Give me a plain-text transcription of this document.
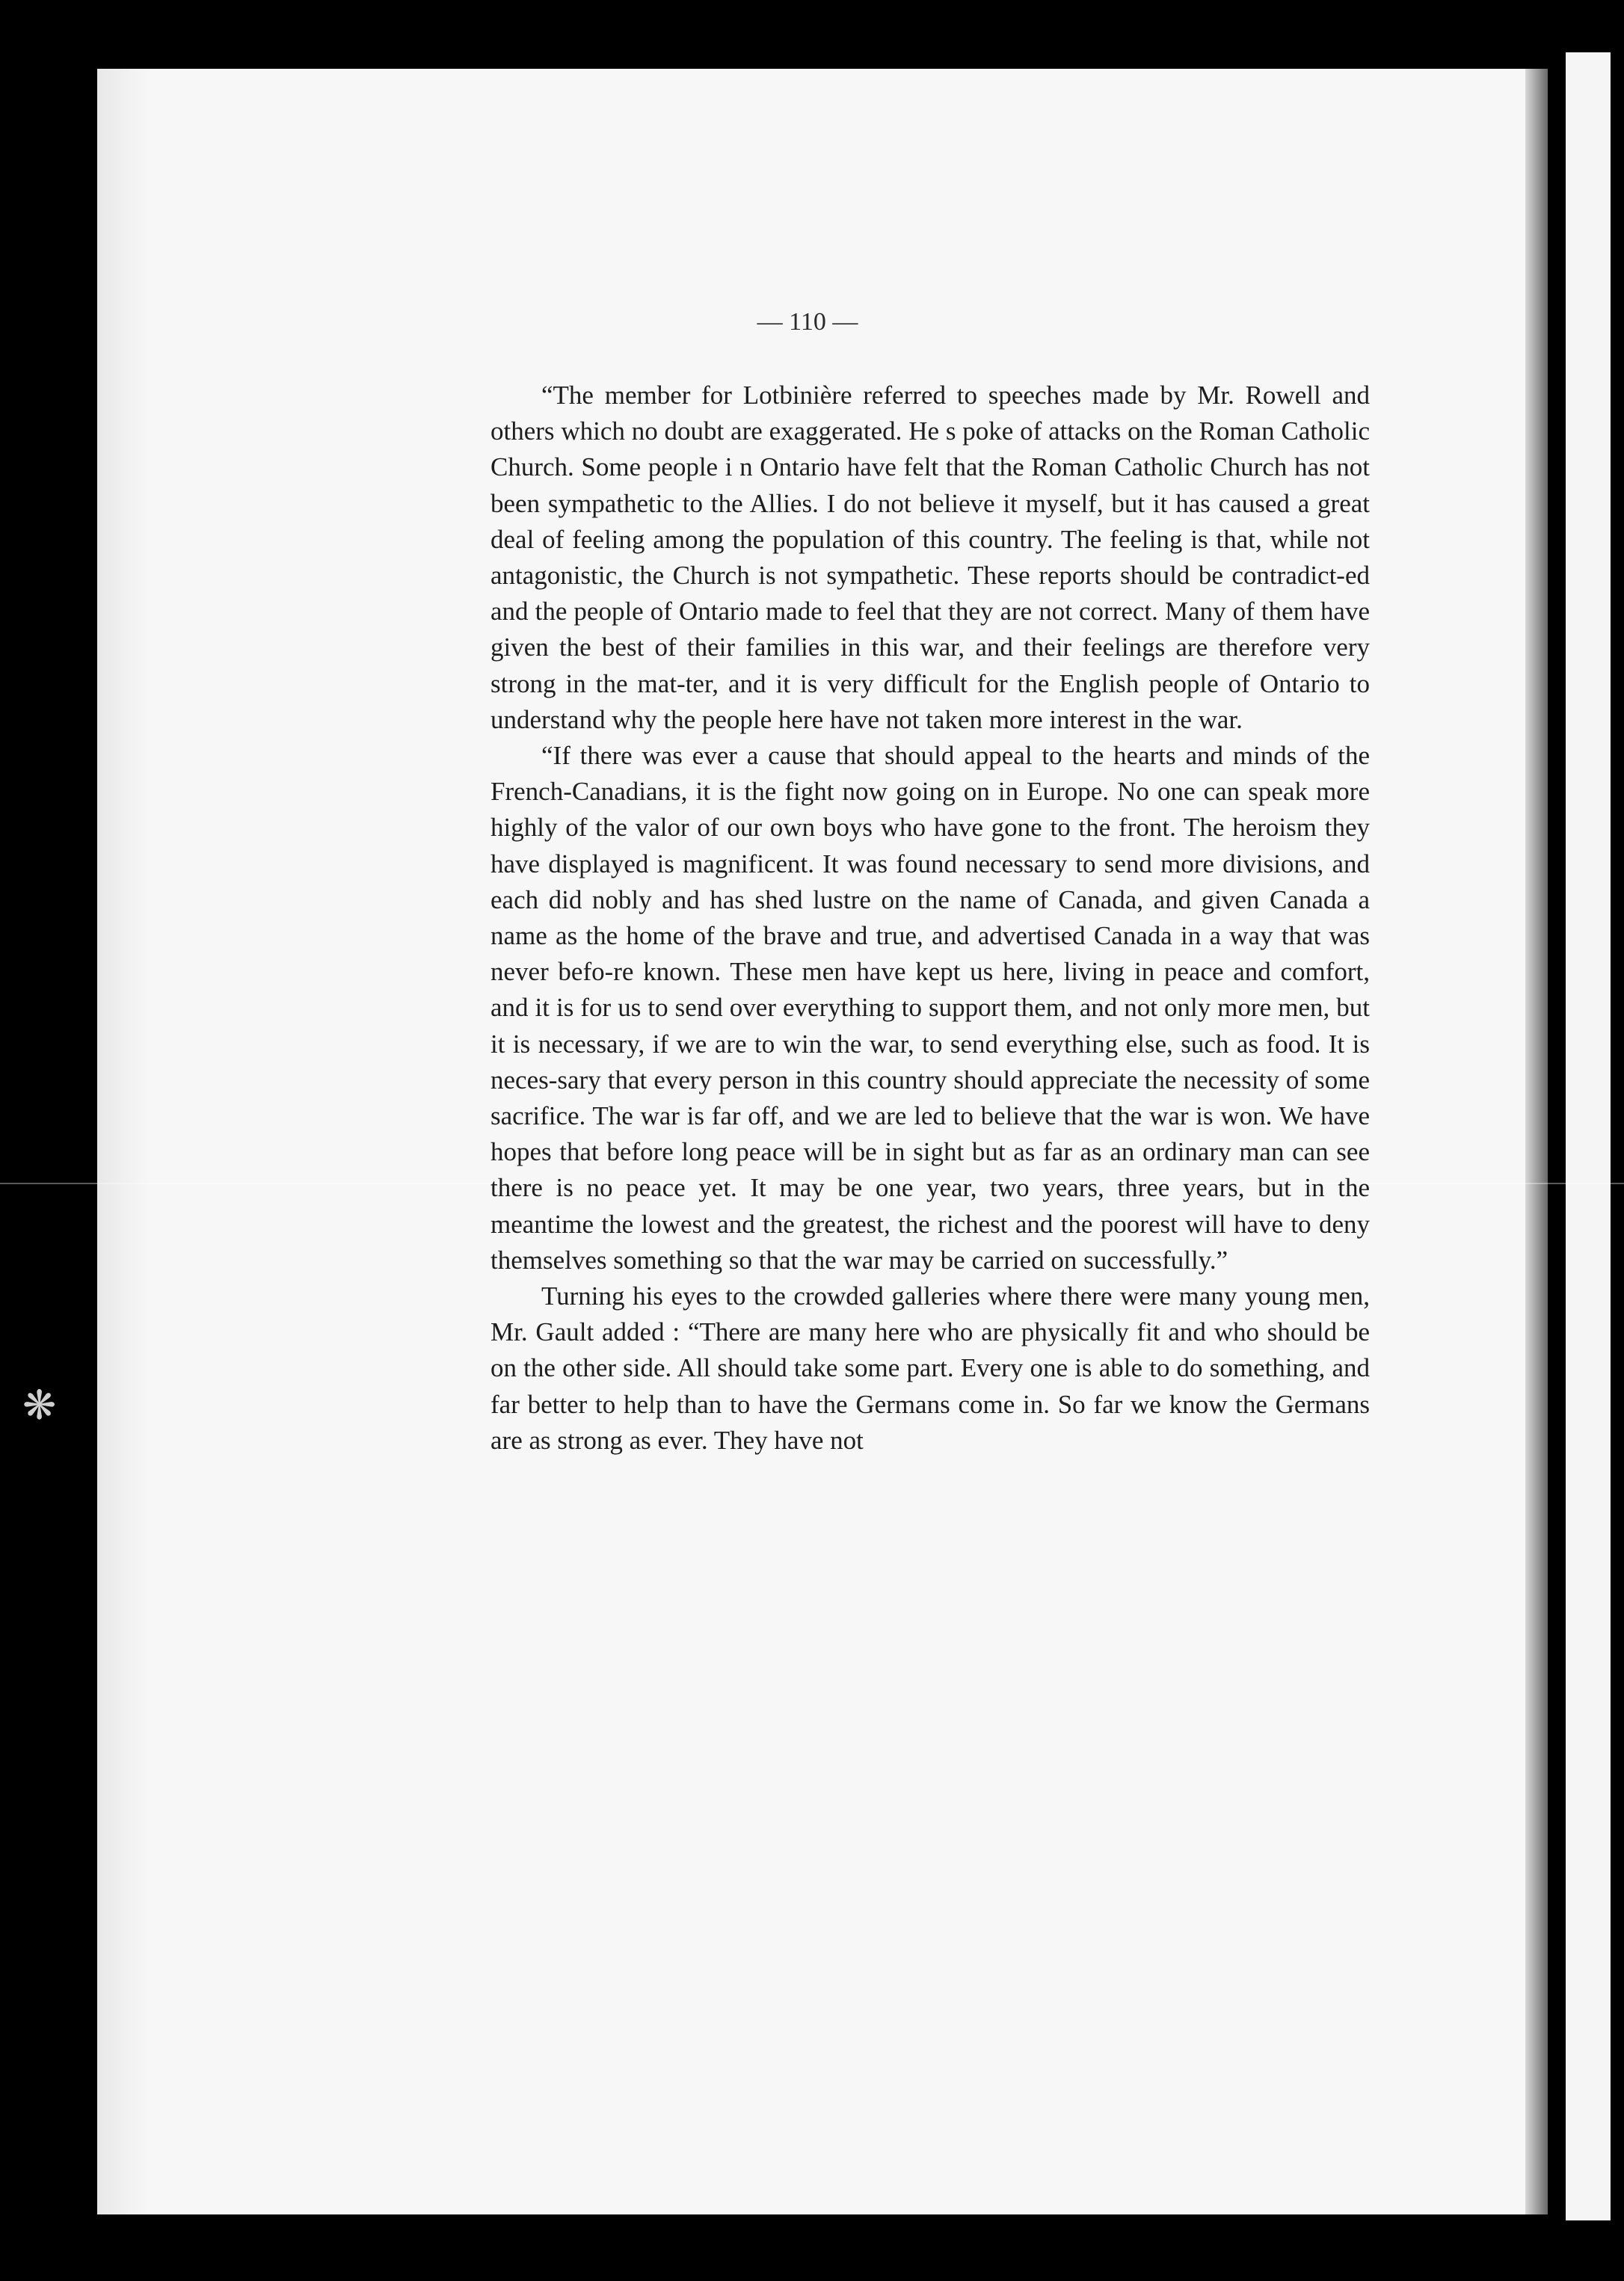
❋
— 110 —

“The member for Lotbinière referred to speeches made by Mr. Rowell and others which no doubt are exaggerated. He s poke of attacks on the Roman Catholic Church. Some people i n Ontario have felt that the Roman Catholic Church has not been sympathetic to the Allies. I do not believe it myself, but it has caused a great deal of feeling among the population of this country. The feeling is that, while not antagonistic, the Church is not sympathetic. These reports should be contradict-ed and the people of Ontario made to feel that they are not correct. Many of them have given the best of their families in this war, and their feelings are therefore very strong in the mat-ter, and it is very difficult for the English people of Ontario to understand why the people here have not taken more interest in the war.

“If there was ever a cause that should appeal to the hearts and minds of the French-Canadians, it is the fight now going on in Europe. No one can speak more highly of the valor of our own boys who have gone to the front. The heroism they have displayed is magnificent. It was found necessary to send more divisions, and each did nobly and has shed lustre on the name of Canada, and given Canada a name as the home of the brave and true, and advertised Canada in a way that was never befo-re known. These men have kept us here, living in peace and comfort, and it is for us to send over everything to support them, and not only more men, but it is necessary, if we are to win the war, to send everything else, such as food. It is neces-sary that every person in this country should appreciate the necessity of some sacrifice. The war is far off, and we are led to believe that the war is won. We have hopes that before long peace will be in sight but as far as an ordinary man can see there is no peace yet. It may be one year, two years, three years, but in the meantime the lowest and the greatest, the richest and the poorest will have to deny themselves something so that the war may be carried on successfully.”

Turning his eyes to the crowded galleries where there were many young men, Mr. Gault added : “There are many here who are physically fit and who should be on the other side. All should take some part. Every one is able to do something, and far better to help than to have the Germans come in. So far we know the Germans are as strong as ever. They have not
